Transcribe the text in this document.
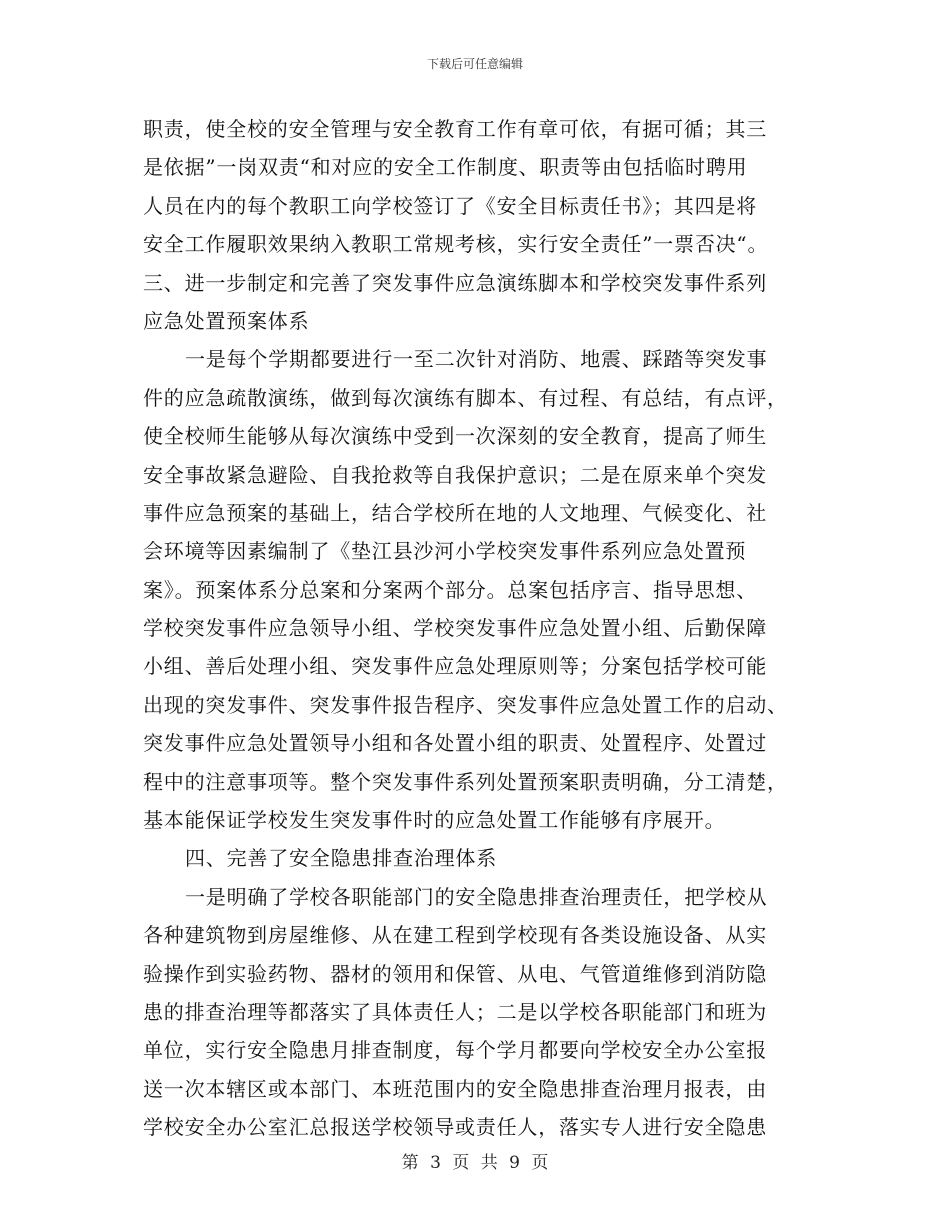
下载后可任意编辑
职责，使全校的安全管理与安全教育工作有章可依，有据可循；其三
是依据”一岗双责“和对应的安全工作制度、职责等由包括临时聘用
人员在内的每个教职工向学校签订了《安全目标责任书》；其四是将
安全工作履职效果纳入教职工常规考核，实行安全责任”一票否决“。
三、进一步制定和完善了突发事件应急演练脚本和学校突发事件系列
应急处置预案体系
一是每个学期都要进行一至二次针对消防、地震、踩踏等突发事
件的应急疏散演练，做到每次演练有脚本、有过程、有总结，有点评，
使全校师生能够从每次演练中受到一次深刻的安全教育，提高了师生
安全事故紧急避险、自我抢救等自我保护意识；二是在原来单个突发
事件应急预案的基础上，结合学校所在地的人文地理、气候变化、社
会环境等因素编制了《垫江县沙河小学校突发事件系列应急处置预
案》。预案体系分总案和分案两个部分。总案包括序言、指导思想、
学校突发事件应急领导小组、学校突发事件应急处置小组、后勤保障
小组、善后处理小组、突发事件应急处理原则等；分案包括学校可能
出现的突发事件、突发事件报告程序、突发事件应急处置工作的启动、
突发事件应急处置领导小组和各处置小组的职责、处置程序、处置过
程中的注意事项等。整个突发事件系列处置预案职责明确，分工清楚，
基本能保证学校发生突发事件时的应急处置工作能够有序展开。
四、完善了安全隐患排查治理体系
一是明确了学校各职能部门的安全隐患排查治理责任，把学校从
各种建筑物到房屋维修、从在建工程到学校现有各类设施设备、从实
验操作到实验药物、器材的领用和保管、从电、气管道维修到消防隐
患的排查治理等都落实了具体责任人；二是以学校各职能部门和班为
单位，实行安全隐患月排查制度，每个学月都要向学校安全办公室报
送一次本辖区或本部门、本班范围内的安全隐患排查治理月报表，由
学校安全办公室汇总报送学校领导或责任人，落实专人进行安全隐患
第 3 页 共 9 页
